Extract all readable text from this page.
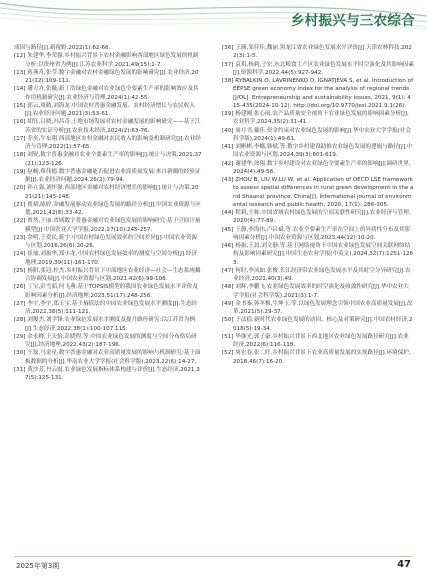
乡村振兴与三农综合

成因与路径[J].新视野,2022(1):62-66.

[12] 朱建华,李荣强.乡村振兴背景下农村金融影响西部地区绿色发展的机制分析:以贵州省为例[J].江苏农业科学,2021,49(15):1-7.

[13] 蒋燕舟,张莹.数字金融对农村金融绿色发展的影响研究[J].农业经济,2021(12):109-111.

[14] 潘方卉,张薇,新丁浩绿色金融对农业绿色全要素生产率的影响效应及其作用机制研究[J].农业经济与管理,2024(1):42-55.

[15] 郭云,周鹤,刘海龙.中国农村普惠金融发展、农村经济增长与农民收入[J].农业经济问题,2021(3):53-61.

[16] 胡钰,吕晓,冯昌奇.土地市场发展对农村金融发展的影响研究——基于江苏省的实证分析[J].农业技术经济,2024(2):63-76.

[17] 乔奕,牛东翔.西部地区农村金融对农民收入的影响及机制研究[J].农业经济与管理,2022(1):57-65.

[18] 刘锐,数字普惠金融对农业全要素生产率的影响[J].统计与决策,2021,37(21):123-126.

[19] 赵畅,蔡伟德.数字普惠金融能否促进农业高质量发展:来自新疆的经验证据[J].农业经济问题,2024,26(2):79-94.

[20] 孙立强,刘怀强.西部地区金融对农村经济增长的影响[J].统计与决策,2021(21):145-148.

[21] 翟斌,陈婷.金融发展驱动农业绿色发展的路径分析[J].中国农业资源与区划,2021,42(8):33-42.

[22] 贾然,王丽.省域数字普惠金融对农业绿色发展的影响研究:基于空间计量模型[J].中国农业大学学报,2022,27(10):245-257.

[23] 余明,王爱民,蒋宇.中国农村绿色发展效率的空间差异[J].中国农业资源与区划,2016,26(6):20-26.

[24] 崔瑜,刘振华,郑小龙.中国农村绿色发展效率的测度与空间分析[J].经济地理,2019,39(11):161-170.

[25] 杨阳,张冠,杜杰.乡村振兴背景下中部地区农业经济—社会—生态系统耦合协调发展[J].中国农业资源与区划,2021,42(6):99-108.

[26] 丁宝,彭雪茹,何飞燕.基于TOPSIS模型的我国农业绿色发展水平评价及影响因素分析[J].经济地理,2023,51(17):248-256.

[27] 李宇,李宇,郑玉宝.基于熵值法的中国农业绿色发展水平测度[J].生态经济,2022,38(5):111-121.

[28] 刘俊杰,刘学锋.农业绿色发展水平测度及提升路径研究:以江苏省为例[J].生态经济,2022,38(1):100-107,115.

[29] 余永峰,王天怡,彭晓程,等.中国农业绿色发展的测度与空间分布格局研究[J].经济地理,2022,43(2):187-196.

[30] 王磊,马金星.数字普惠金融对农业高质量发展的影响与机制研究:基于面板数据的分析[J].华南农业大学学报(社会科学版),2023,22(6):14-27.

[31] 黄沙芳,丹云霞.农业绿色发展指标体系构建与评价[J].生态经济,2021,37(5):125-131.

[36] 王瑛,邹佳佳,魏丽.黑龙江省农业绿色发展水平评价[J].天津农林科技,2022(3):1-5.

[37] 袁玥,杨莉,于宏.东北粮食主产区农业绿色发展水平时空演化及其影响因素[J].资源科学,2022,44(5):927-942.

[38] RYBALKIN O, LAVRINENKO O, IGNATJEVA S, et al. Introduction of EEPSE green economy index for the analysis of regional trends[J/OL]. Entrepreneurship and sustainability issues, 2021, 9(1): 415-435(2024-10-12). http://doi.org/10.9770/jesi.2021.9.1(26).

[39] 杨建刚,张心雨.农产品质量安全视角下农业绿色发展的影响因素分析[J].农业科学,2024,35(2):31-41.

[40] 周月书,戴佳.资金约束对农业绿色发展的影响[J].华中农业大学学报(社会科学版),2024(1):49-61.

[41] 刘彬彬,李娜,韩斌,等.数字乡村建设助推农业绿色发展的逻辑与路径[J].中国农业资源与区划,2024,39(3):601-619.

[42] 谢建华,徐翔.数字乡村建设对农业绿色全要素生产率的影响[J].调研世界,2024(4):49-56.

[43] ZHOU B, LIU W,LU W, et al. Application of OECD LSE framework to assess spatial differences in rural green development in the arid Shaanxi province, China[J]. International journal of environmental research and public health, 2020, 17(1): 286-305.

[44] 程莉,王栋.中国省域农村绿色发展的空间关联性研究[J].农业经济与管理,2020(4):77-89.

[45] 王静,李海伟,卢昌斌,等.农业全要素生产率在空间上的异质性分布及其影响因素分析[J].中国农业资源与区划,2023,44(12):10-20.

[46] 杨振,王晨,刘文静,等.基于网络视角下中国农业绿色发展空间关联网络结构及影响因素研究[J].中国生态农业学报(中英文),2024,32(7):1251-1263.

[47] 何时,李凤如.张俊.长江经济带农业绿色发展水平及其时空分异研究[J].农业经济,2021,40(3):49.

[48] 刘辉,李鹏飞.农业绿色发展效率的时空演化及收敛性研究[J].华中农业大学学报(社会科学版),2021(3):1-7.

[49] 金书秦,韩冬梅,牛坤玉,等.以绿色发展理念引领中国农业高质量发展[J].改革,2021(5):29-37.

[50] 于法稳.新时代农业绿色发展的动因、核心及对策研究[J].中国农村经济,2018(5):19-34.

[51] 毕继光,郭子豪.乡村振兴背景下西北地区农业绿色发展路径研究[J].农业经济,2022(6):116-118.

[52] 周宏春,张二旺.乡村振兴背景下农业高质量发展的实现路径[J].环境保护,2018,46(7):16-20.

2025年第3期	47
